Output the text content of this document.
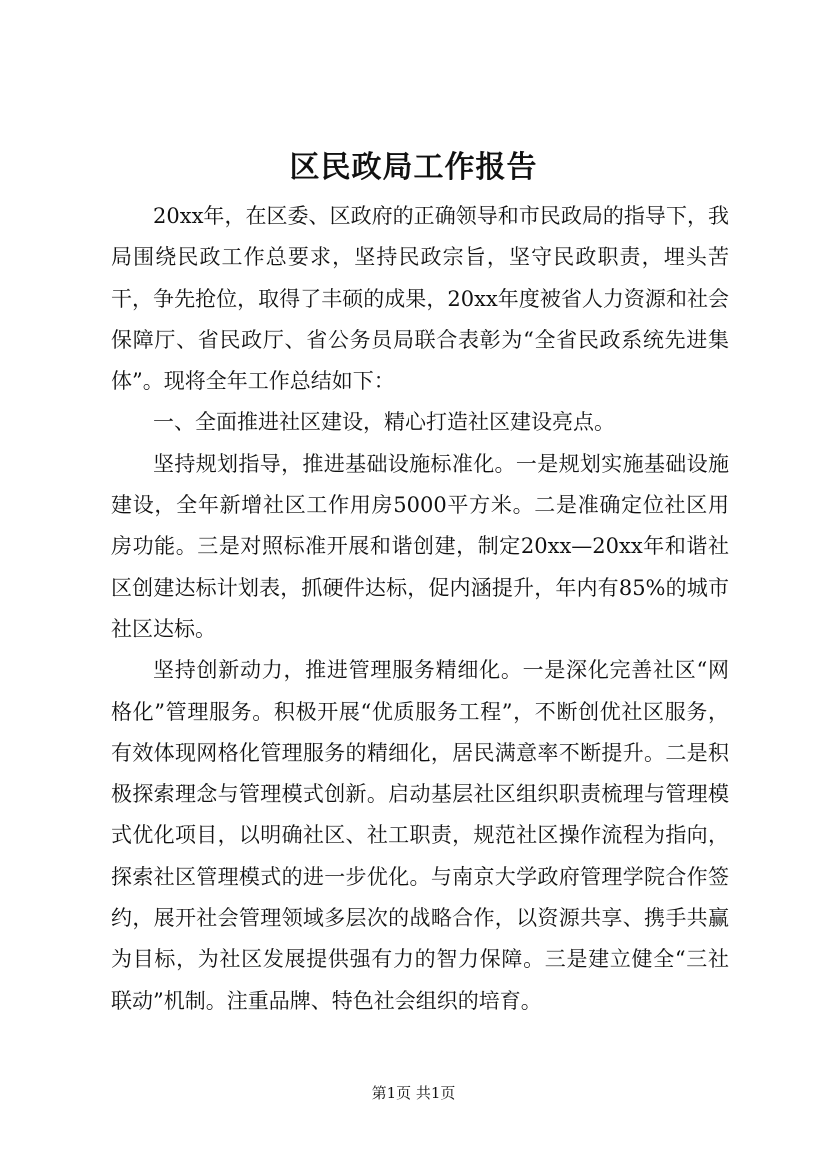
区民政局工作报告

20xx年，在区委、区政府的正确领导和市民政局的指导下，我局围绕民政工作总要求，坚持民政宗旨，坚守民政职责，埋头苦干，争先抢位，取得了丰硕的成果，20xx年度被省人力资源和社会保障厅、省民政厅、省公务员局联合表彰为“全省民政系统先进集体”。现将全年工作总结如下：

一、全面推进社区建设，精心打造社区建设亮点。

坚持规划指导，推进基础设施标准化。一是规划实施基础设施建设，全年新增社区工作用房5000平方米。二是准确定位社区用房功能。三是对照标准开展和谐创建，制定20xx—20xx年和谐社区创建达标计划表，抓硬件达标，促内涵提升，年内有85%的城市社区达标。

坚持创新动力，推进管理服务精细化。一是深化完善社区“网格化”管理服务。积极开展“优质服务工程”，不断创优社区服务，有效体现网格化管理服务的精细化，居民满意率不断提升。二是积极探索理念与管理模式创新。启动基层社区组织职责梳理与管理模式优化项目，以明确社区、社工职责，规范社区操作流程为指向，探索社区管理模式的进一步优化。与南京大学政府管理学院合作签约，展开社会管理领域多层次的战略合作，以资源共享、携手共赢为目标，为社区发展提供强有力的智力保障。三是建立健全“三社联动”机制。注重品牌、特色社会组织的培育。

第1页 共1页
